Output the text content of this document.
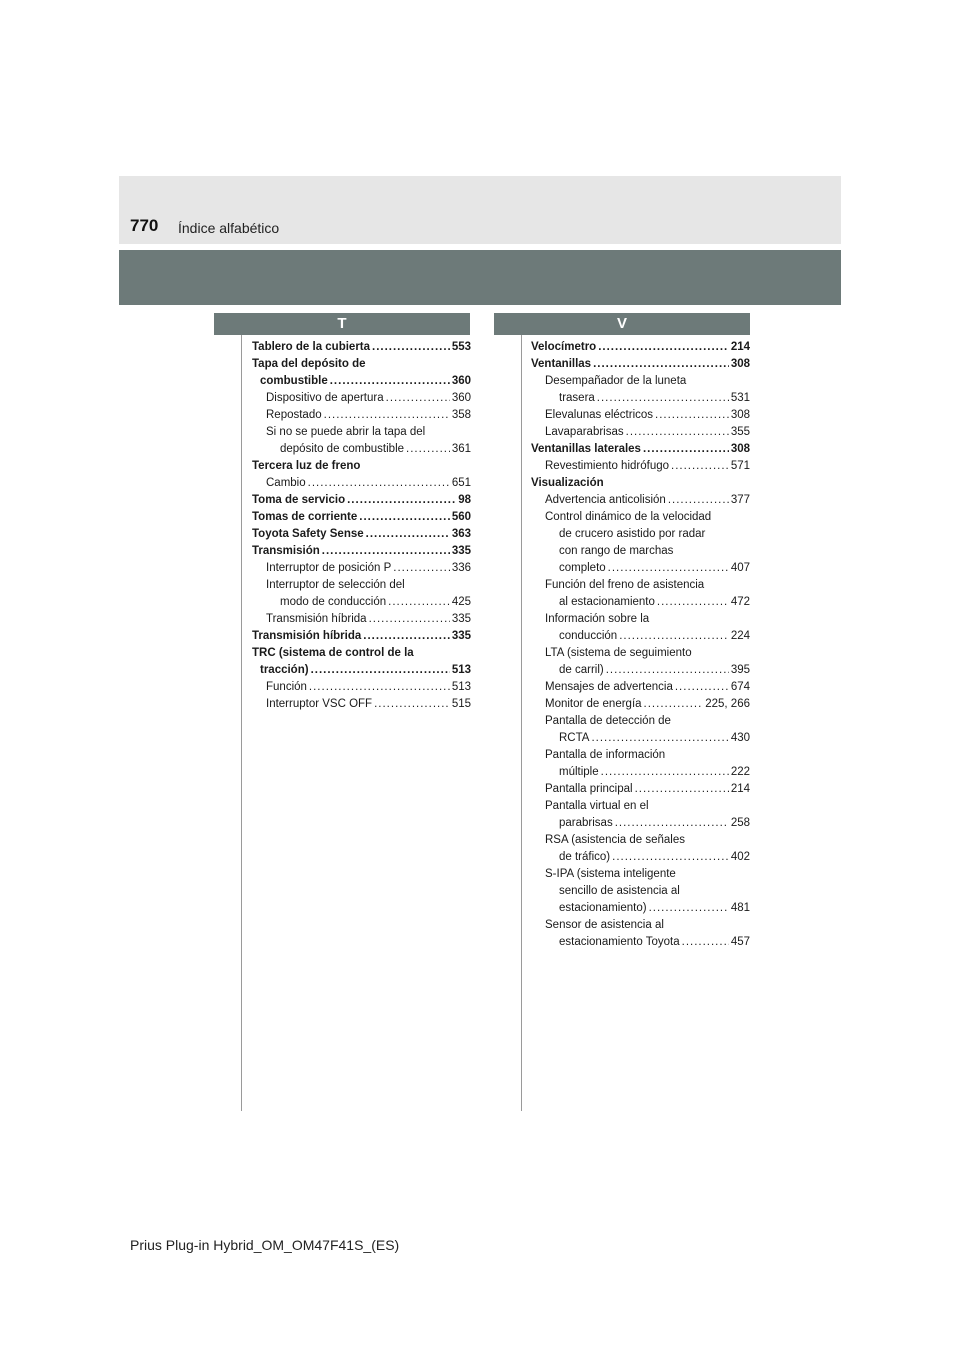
770 Índice alfabético
T	V
Tablero de la cubierta .....	553
Tapa del depósito de
combustible .....	360
Dispositivo de apertura .....	360
Repostado .....	358
Si no se puede abrir la tapa del
depósito de combustible .....	361
Tercera luz de freno
Cambio .....	651
Toma de servicio .....	98
Tomas de corriente .....	560
Toyota Safety Sense .....	363
Transmisión .....	335
Interruptor de posición P .....	336
Interruptor de selección del
modo de conducción .....	425
Transmisión híbrida .....	335
Transmisión híbrida .....	335
TRC (sistema de control de la
tracción) .....	513
Función .....	513
Interruptor VSC OFF .....	515
Velocímetro .....	214
Ventanillas .....	308
Desempañador de la luneta
trasera .....	531
Elevalunas eléctricos .....	308
Lavaparabrisas .....	355
Ventanillas laterales .....	308
Revestimiento hidrófugo .....	571
Visualización
Advertencia anticolisión .....	377
Control dinámico de la velocidad
de crucero asistido por radar
con rango de marchas
completo .....	407
Función del freno de asistencia
al estacionamiento .....	472
Información sobre la
conducción .....	224
LTA (sistema de seguimiento
de carril) .....	395
Mensajes de advertencia .....	674
Monitor de energía .....	225, 266
Pantalla de detección de
RCTA .....	430
Pantalla de información
múltiple .....	222
Pantalla principal .....	214
Pantalla virtual en el
parabrisas .....	258
RSA (asistencia de señales
de tráfico) .....	402
S-IPA (sistema inteligente
sencillo de asistencia al
estacionamiento) .....	481
Sensor de asistencia al
estacionamiento Toyota .....	457
Prius Plug-in Hybrid_OM_OM47F41S_(ES)
